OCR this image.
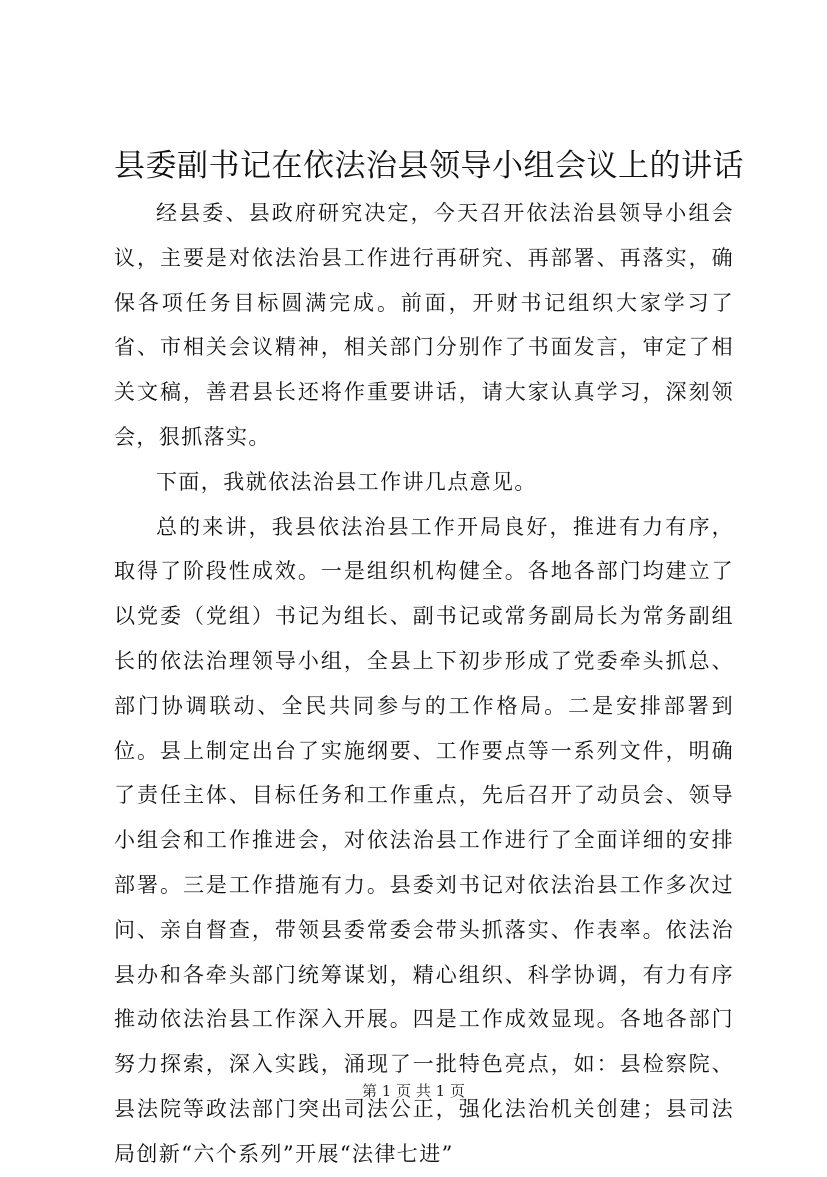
县委副书记在依法治县领导小组会议上的讲话

经县委、县政府研究决定，今天召开依法治县领导小组会议，主要是对依法治县工作进行再研究、再部署、再落实，确保各项任务目标圆满完成。前面，开财书记组织大家学习了省、市相关会议精神，相关部门分别作了书面发言，审定了相关文稿，善君县长还将作重要讲话，请大家认真学习，深刻领会，狠抓落实。

下面，我就依法治县工作讲几点意见。

总的来讲，我县依法治县工作开局良好，推进有力有序，取得了阶段性成效。一是组织机构健全。各地各部门均建立了以党委（党组）书记为组长、副书记或常务副局长为常务副组长的依法治理领导小组，全县上下初步形成了党委牵头抓总、部门协调联动、全民共同参与的工作格局。二是安排部署到位。县上制定出台了实施纲要、工作要点等一系列文件，明确了责任主体、目标任务和工作重点，先后召开了动员会、领导小组会和工作推进会，对依法治县工作进行了全面详细的安排部署。三是工作措施有力。县委刘书记对依法治县工作多次过问、亲自督查，带领县委常委会带头抓落实、作表率。依法治县办和各牵头部门统筹谋划，精心组织、科学协调，有力有序推动依法治县工作深入开展。四是工作成效显现。各地各部门努力探索，深入实践，涌现了一批特色亮点，如：县检察院、县法院等政法部门突出司法公正，强化法治机关创建；县司法局创新“六个系列”开展“法律七进”

第 1 页 共 1 页
